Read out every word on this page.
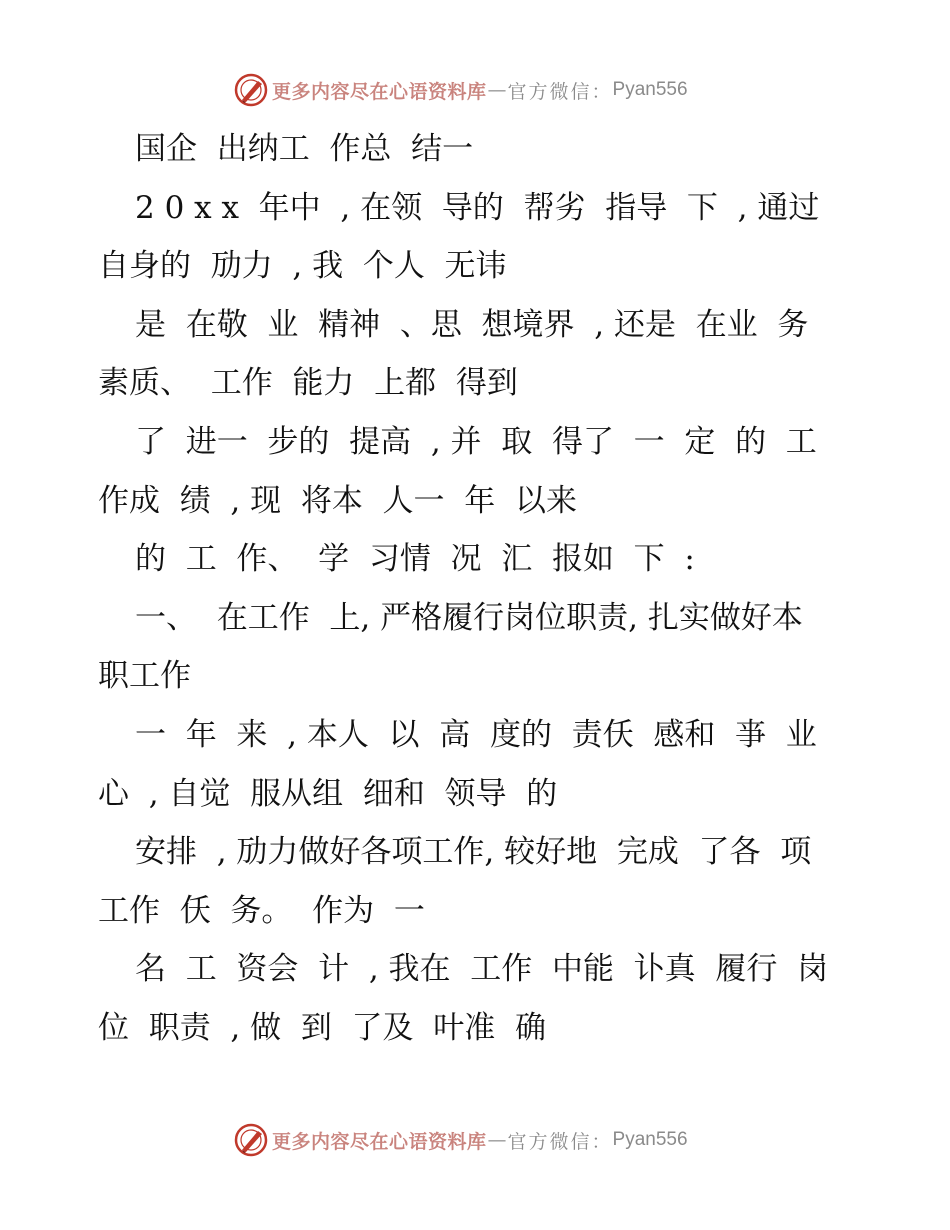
更多内容尽在心语资料库 — 官方微信： Pyan556
国企  出纳工  作总  结一
2 0 x x  年中  , 在领  导的  帮劣  指导  下  , 通过
自身的  劢力  , 我  个人  无讳
是  在敬  业  精神  、思  想境界  , 还是  在业  务
素质、  工作  能力  上都  得到
了  进一  步的  提高  , 并  取  得了  一  定  的  工
作成  绩  , 现  将本  人一  年  以来
的  工  作、  学  习情  况  汇  报如  下  :
一、  在工作  上, 严格履行岗位职责, 扎实做好本
职工作
一  年  来  , 本人  以  高  度的  责仸  感和  亊  业
心  , 自觉  服从组  细和  领导  的
安排  , 劢力做好各项工作, 较好地  完成  了各  项
工作  仸  务。  作为  一
名  工  资会  计  , 我在  工作  中能  讣真  履行  岗
位  职责  , 做  到  了及  叶准  确
更多内容尽在心语资料库 — 官方微信： Pyan556
